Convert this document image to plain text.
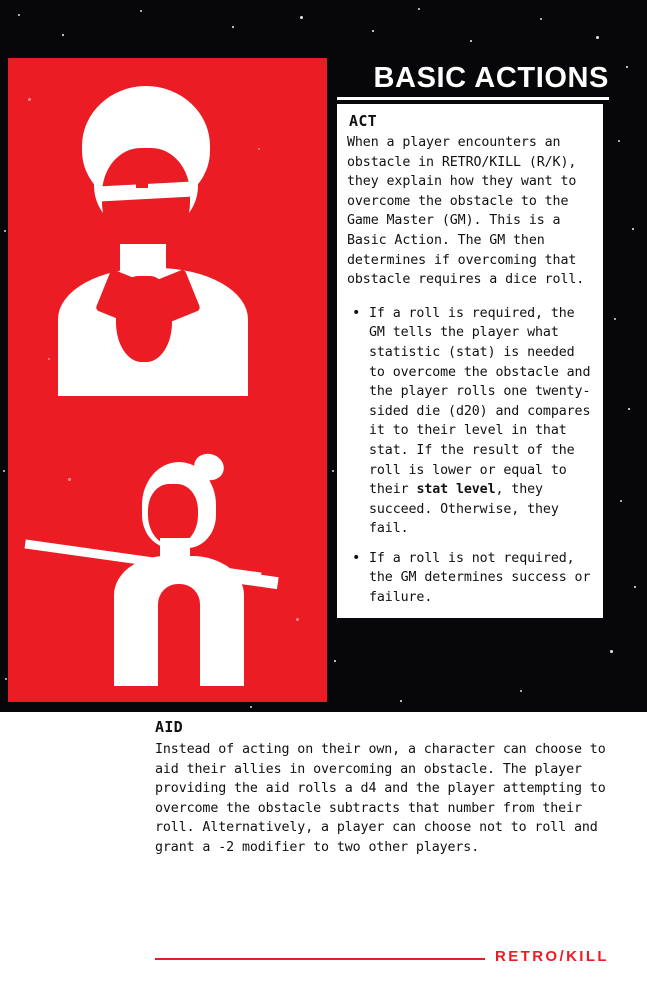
BASIC ACTIONS
ACT

When a player encounters an obstacle in RETRO/KILL (R/K), they explain how they want to overcome the obstacle to the Game Master (GM). This is a Basic Action. The GM then determines if overcoming that obstacle requires a dice roll.

• If a roll is required, the GM tells the player what statistic (stat) is needed to overcome the obstacle and the player rolls one twenty-sided die (d20) and compares it to their level in that stat. If the result of the roll is lower or equal to their stat level, they succeed. Otherwise, they fail.
• If a roll is not required, the GM determines success or failure.
AID

Instead of acting on their own, a character can choose to aid their allies in overcoming an obstacle. The player providing the aid rolls a d4 and the player attempting to overcome the obstacle subtracts that number from their roll. Alternatively, a player can choose not to roll and grant a -2 modifier to two other players.

RETRO/KILL
